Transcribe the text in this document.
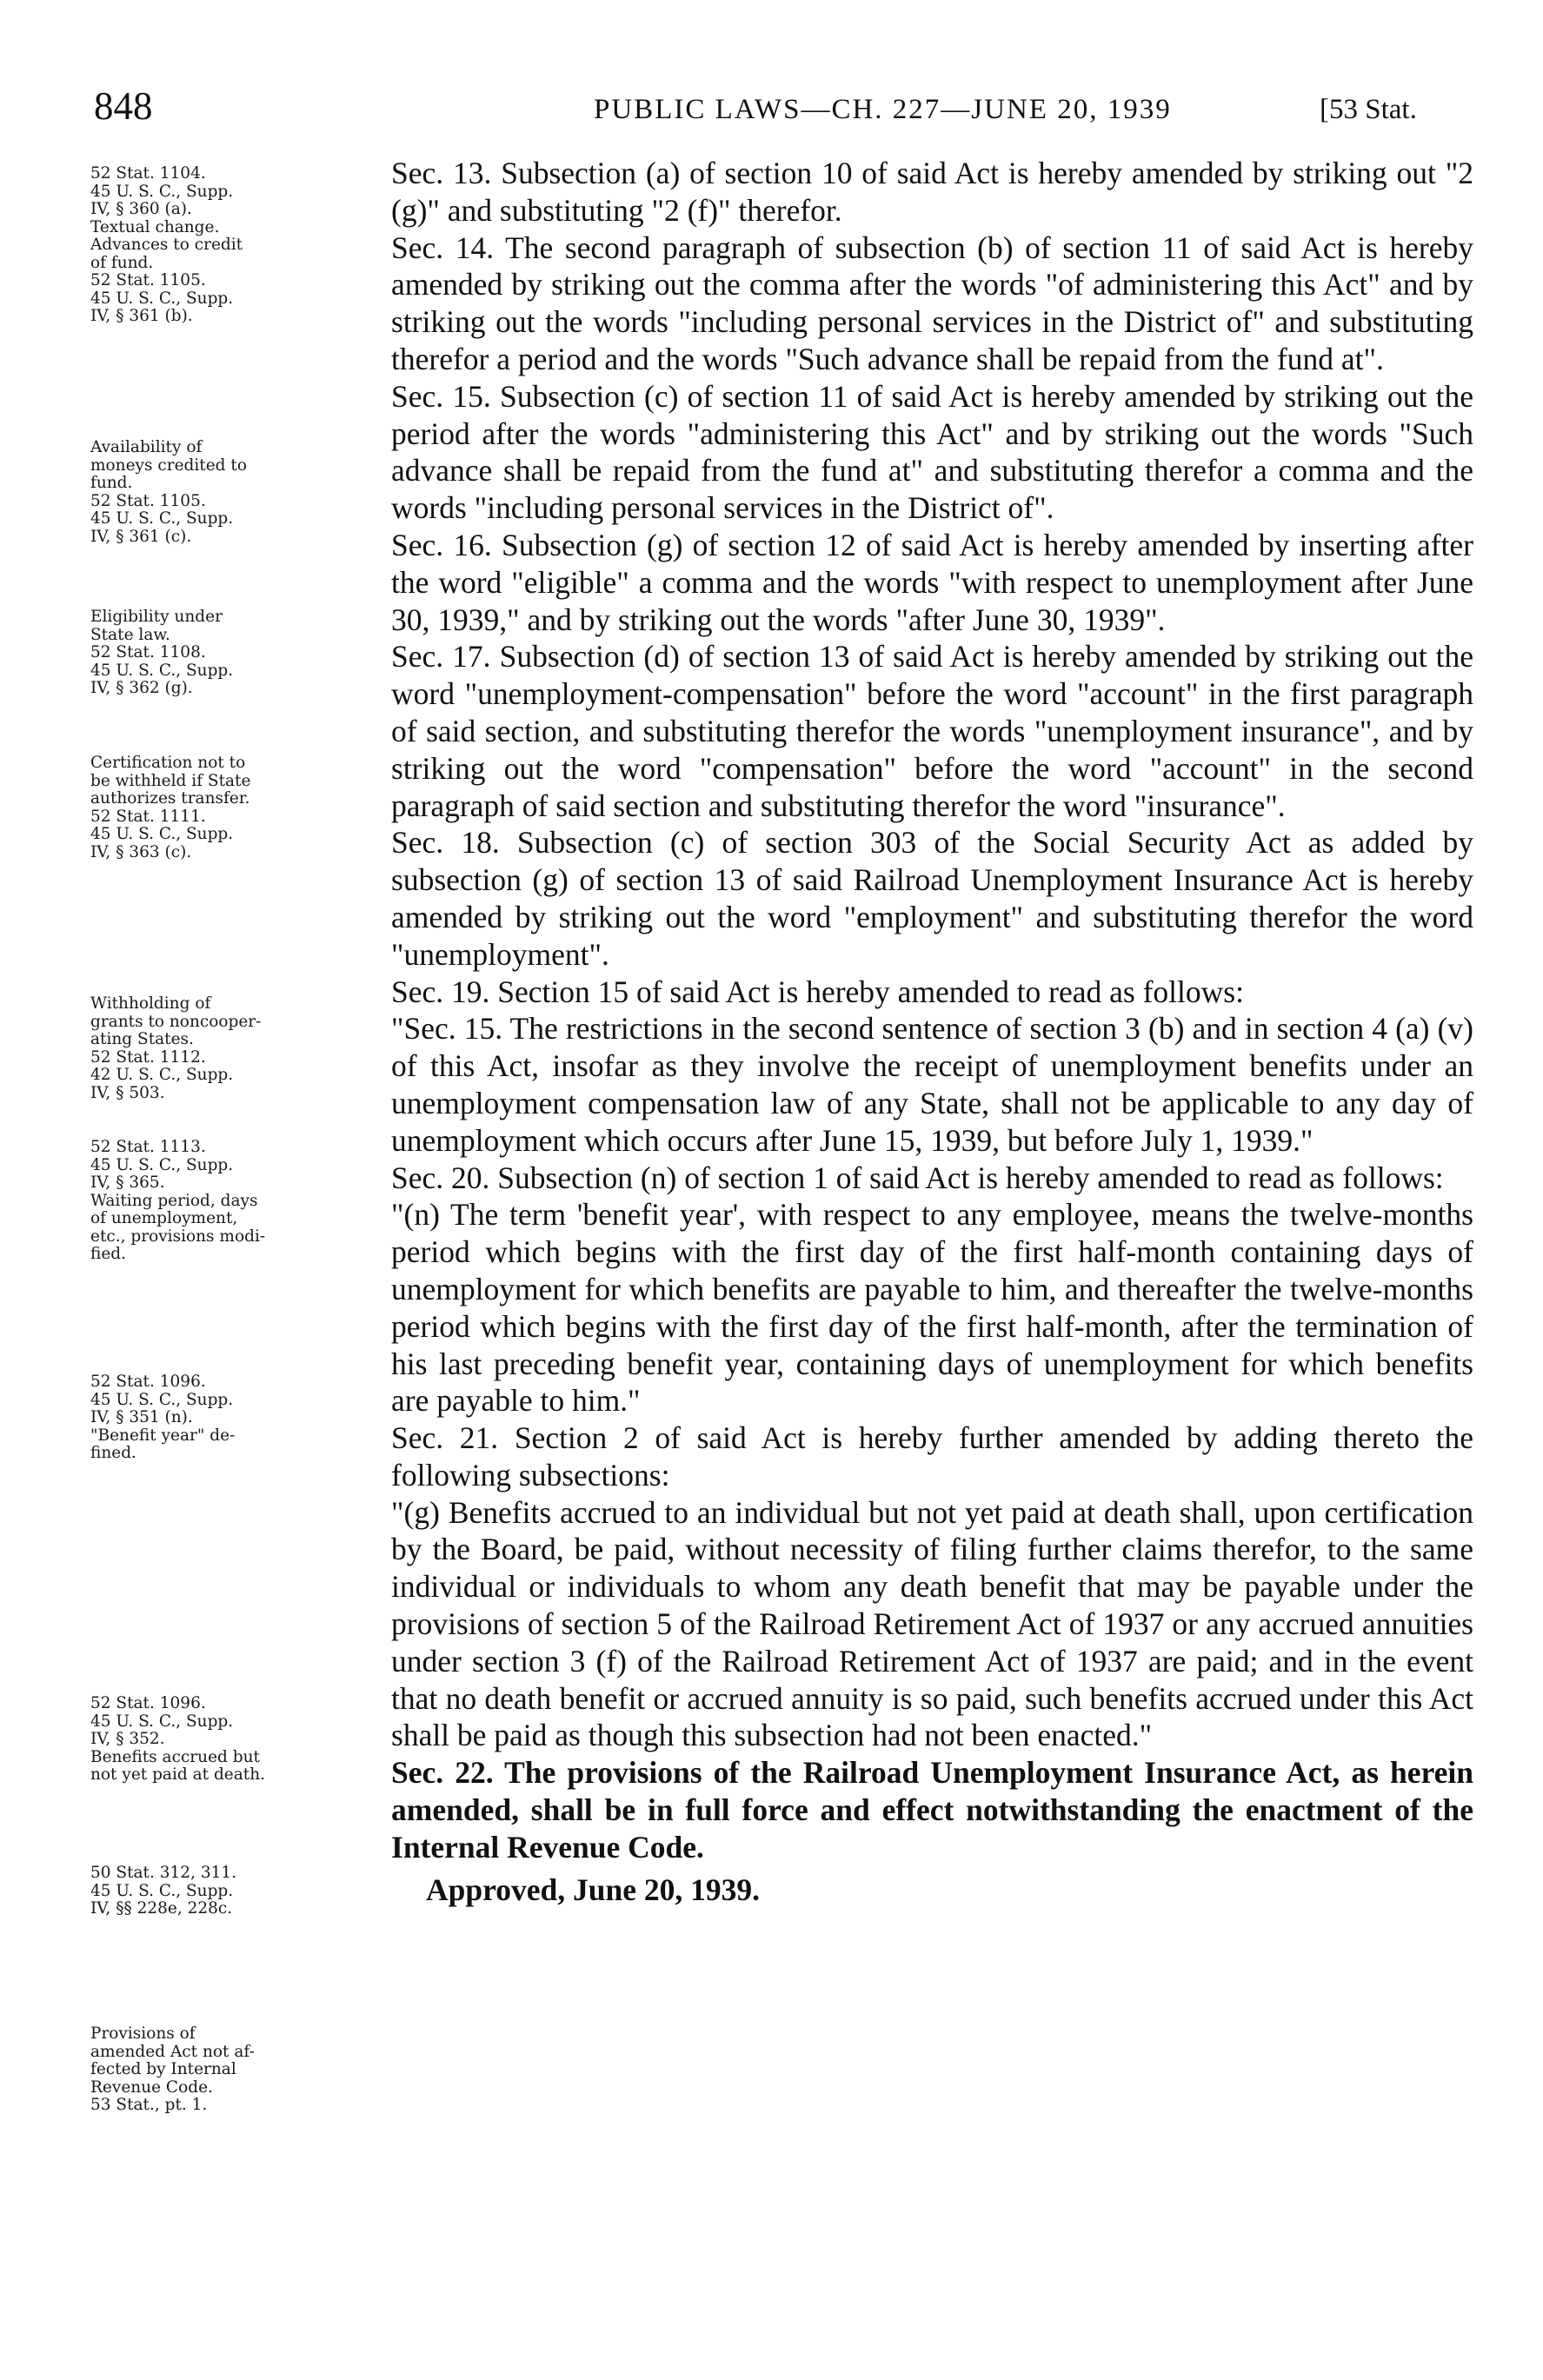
848	PUBLIC LAWS—CH. 227—JUNE 20, 1939	[53 Stat.
52 Stat. 1104.
45 U. S. C., Supp.
IV, § 360 (a).
Textual change.
Advances to credit
of fund.
52 Stat. 1105.
45 U. S. C., Supp.
IV, § 361 (b).
Availability of
moneys credited to
fund.
52 Stat. 1105.
45 U. S. C., Supp.
IV, § 361 (c).
Eligibility under
State law.
52 Stat. 1108.
45 U. S. C., Supp.
IV, § 362 (g).
Certification not to
be withheld if State
authorizes transfer.
52 Stat. 1111.
45 U. S. C., Supp.
IV, § 363 (c).
Withholding of
grants to noncooper-
ating States.
52 Stat. 1112.
42 U. S. C., Supp.
IV, § 503.
52 Stat. 1113.
45 U. S. C., Supp.
IV, § 365.
Waiting period, days
of unemployment,
etc., provisions modi-
fied.
52 Stat. 1096.
45 U. S. C., Supp.
IV, § 351 (n).
"Benefit year" de-
fined.
52 Stat. 1096.
45 U. S. C., Supp.
IV, § 352.
Benefits accrued but
not yet paid at death.
50 Stat. 312, 311.
45 U. S. C., Supp.
IV, §§ 228e, 228c.
Provisions of
amended Act not af-
fected by Internal
Revenue Code.
53 Stat., pt. 1.

Sec. 13. Subsection (a) of section 10 of said Act is hereby amended by striking out "2 (g)" and substituting "2 (f)" therefor.

Sec. 14. The second paragraph of subsection (b) of section 11 of said Act is hereby amended by striking out the comma after the words "of administering this Act" and by striking out the words "including personal services in the District of" and substituting therefor a period and the words "Such advance shall be repaid from the fund at".

Sec. 15. Subsection (c) of section 11 of said Act is hereby amended by striking out the period after the words "administering this Act" and by striking out the words "Such advance shall be repaid from the fund at" and substituting therefor a comma and the words "including personal services in the District of".

Sec. 16. Subsection (g) of section 12 of said Act is hereby amended by inserting after the word "eligible" a comma and the words "with respect to unemployment after June 30, 1939," and by striking out the words "after June 30, 1939".

Sec. 17. Subsection (d) of section 13 of said Act is hereby amended by striking out the word "unemployment-compensation" before the word "account" in the first paragraph of said section, and substituting therefor the words "unemployment insurance", and by striking out the word "compensation" before the word "account" in the second paragraph of said section and substituting therefor the word "insurance".

Sec. 18. Subsection (c) of section 303 of the Social Security Act as added by subsection (g) of section 13 of said Railroad Unemployment Insurance Act is hereby amended by striking out the word "employment" and substituting therefor the word "unemployment".

Sec. 19. Section 15 of said Act is hereby amended to read as follows:

"Sec. 15. The restrictions in the second sentence of section 3 (b) and in section 4 (a) (v) of this Act, insofar as they involve the receipt of unemployment benefits under an unemployment compensation law of any State, shall not be applicable to any day of unemployment which occurs after June 15, 1939, but before July 1, 1939."

Sec. 20. Subsection (n) of section 1 of said Act is hereby amended to read as follows:

"(n) The term 'benefit year', with respect to any employee, means the twelve-months period which begins with the first day of the first half-month containing days of unemployment for which benefits are payable to him, and thereafter the twelve-months period which begins with the first day of the first half-month, after the termination of his last preceding benefit year, containing days of unemployment for which benefits are payable to him."

Sec. 21. Section 2 of said Act is hereby further amended by adding thereto the following subsections:

"(g) Benefits accrued to an individual but not yet paid at death shall, upon certification by the Board, be paid, without necessity of filing further claims therefor, to the same individual or individuals to whom any death benefit that may be payable under the provisions of section 5 of the Railroad Retirement Act of 1937 or any accrued annuities under section 3 (f) of the Railroad Retirement Act of 1937 are paid; and in the event that no death benefit or accrued annuity is so paid, such benefits accrued under this Act shall be paid as though this subsection had not been enacted."

Sec. 22. The provisions of the Railroad Unemployment Insurance Act, as herein amended, shall be in full force and effect notwithstanding the enactment of the Internal Revenue Code.

Approved, June 20, 1939.
